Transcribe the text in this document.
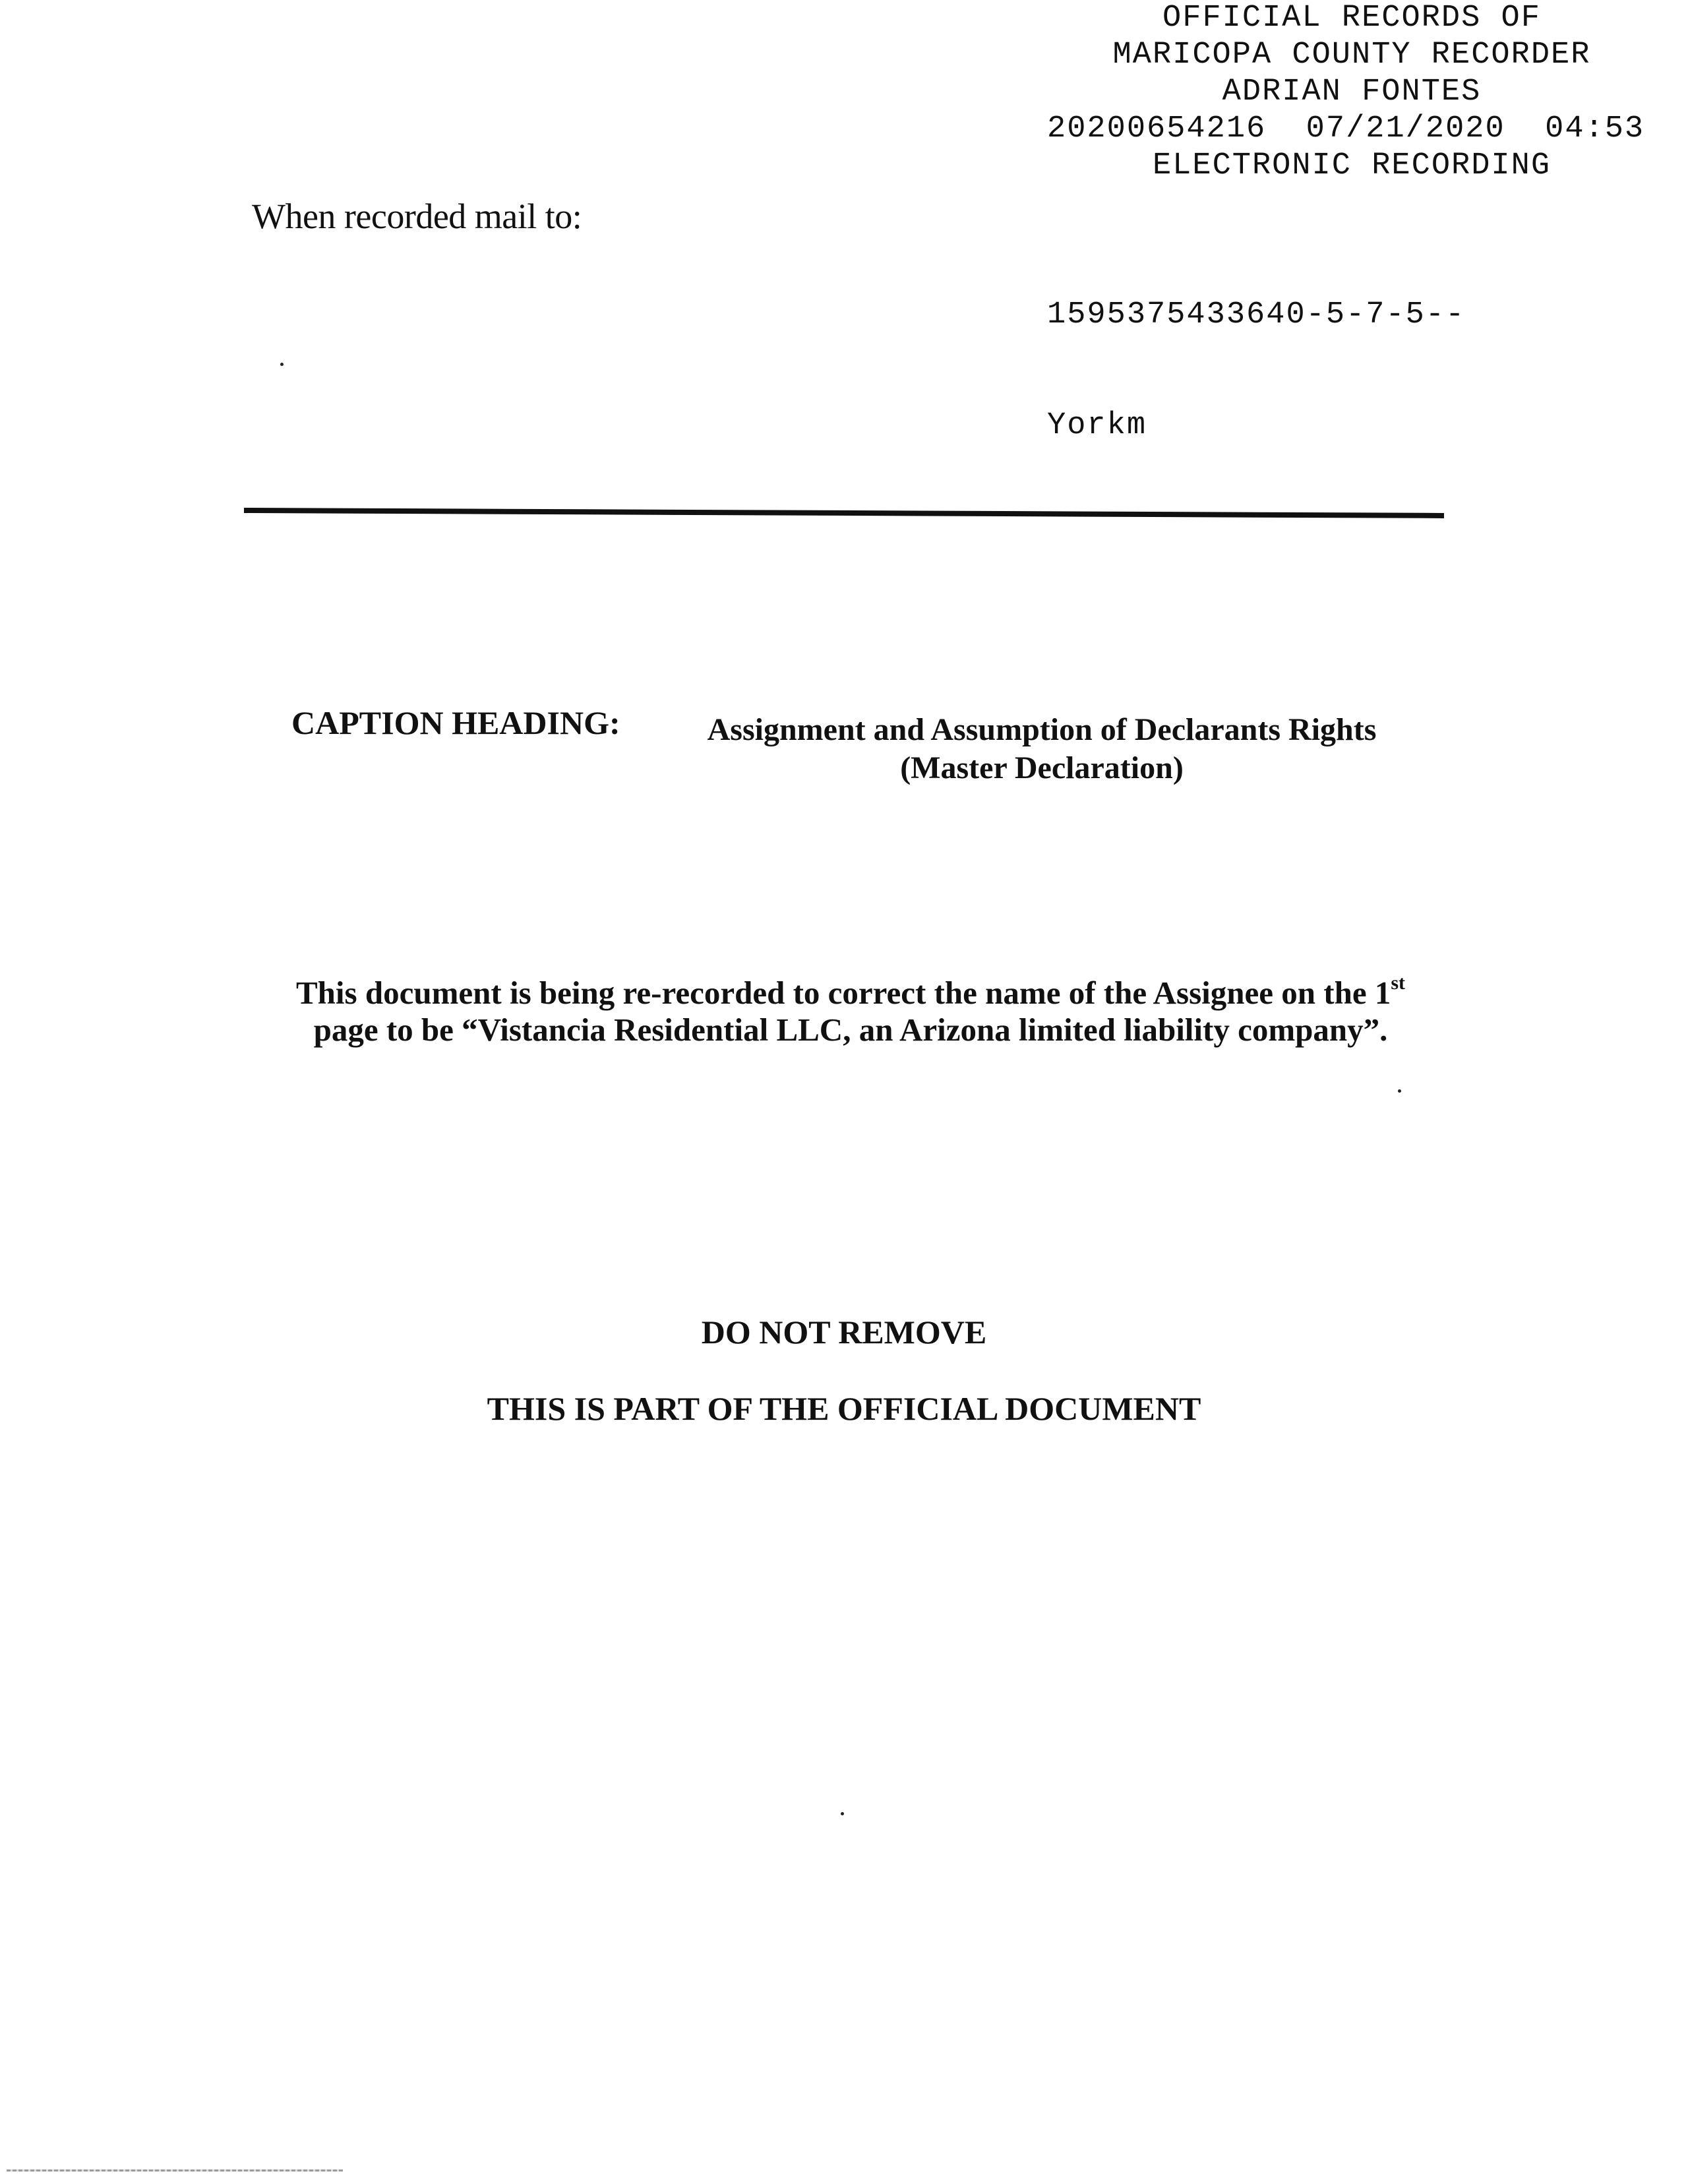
OFFICIAL RECORDS OF
MARICOPA COUNTY RECORDER
ADRIAN FONTES
20200654216  07/21/2020  04:53
ELECTRONIC RECORDING

1595375433640-5-7-5--

Yorkm

When recorded mail to:
CAPTION HEADING:	Assignment and Assumption of Declarants Rights
(Master Declaration)
This document is being re-recorded to correct the name of the Assignee on the 1st
page to be “Vistancia Residential LLC, an Arizona limited liability company”.
DO NOT REMOVE
THIS IS PART OF THE OFFICIAL DOCUMENT
